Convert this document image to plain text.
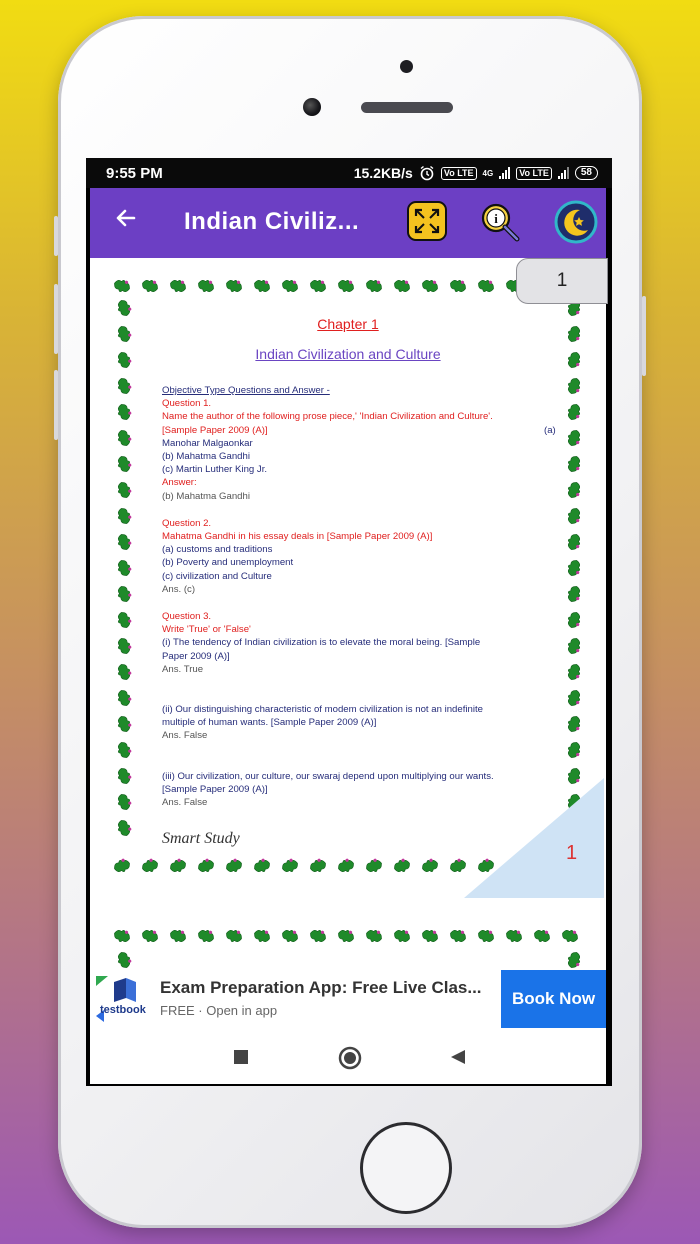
9:55 PM	15.2KB/s	Vo LTE	4G	Vo LTE	58
Indian Civiliz...	i
Chapter 1
Indian Civilization and Culture
Objective Type Questions and Answer -
Question 1.
Name the author of the following prose piece,' 'Indian Civilization and Culture'.
[Sample Paper 2009 (A)]	(a)
Manohar Malgaonkar
(b) Mahatma Gandhi
(c) Martin Luther King Jr.
Answer:
(b) Mahatma Gandhi
Question 2.
Mahatma Gandhi in his essay deals in [Sample Paper 2009 (A)]
(a) customs and traditions
(b) Poverty and unemployment
(c) civilization and Culture
Ans. (c)
Question 3.
Write 'True' or 'False'
(i) The tendency of Indian civilization is to elevate the moral being. [Sample
Paper 2009 (A)]
Ans. True
(ii) Our distinguishing characteristic of modem civilization is not an indefinite
multiple of human wants. [Sample Paper 2009 (A)]
Ans. False
(iii) Our civilization, our culture, our swaraj depend upon multiplying our wants.
[Sample Paper 2009 (A)]
Ans. False
Smart Study
1
1
testbook
Exam Preparation App: Free Live Clas...
FREE · Open in app
Book Now
